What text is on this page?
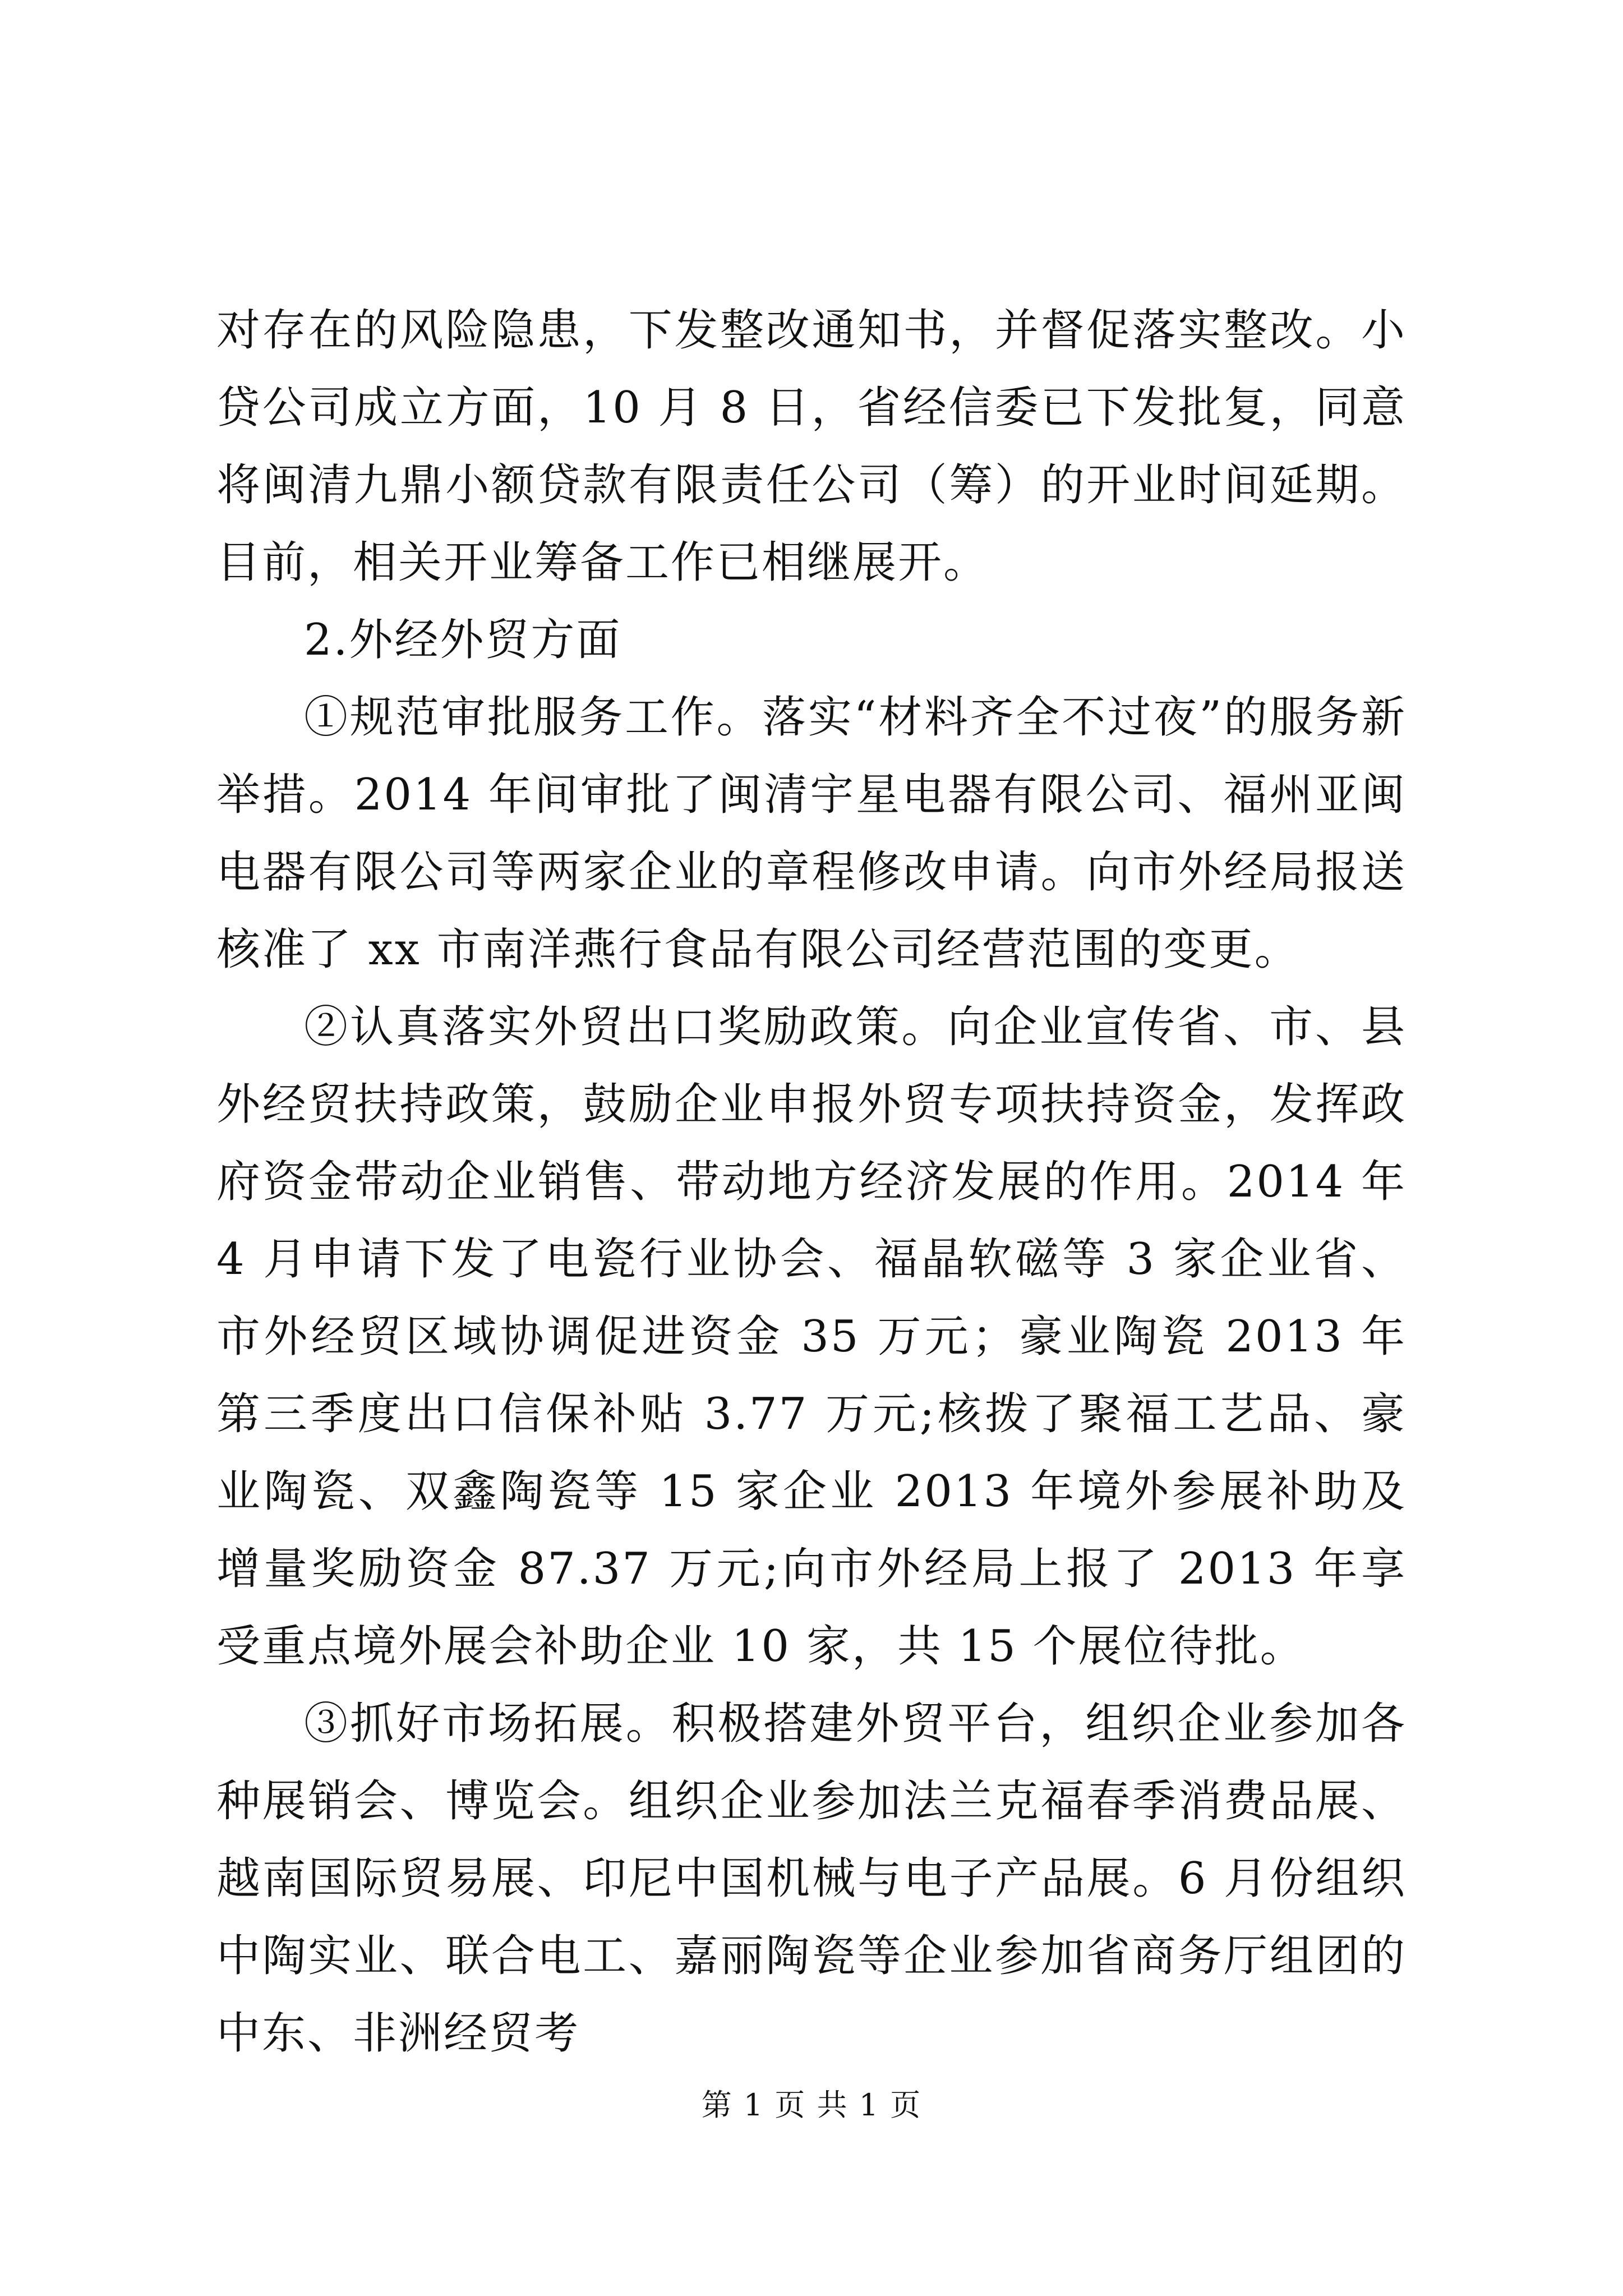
对存在的风险隐患，下发整改通知书，并督促落实整改。小贷公司成立方面，10 月 8 日，省经信委已下发批复，同意将闽清九鼎小额贷款有限责任公司（筹）的开业时间延期。目前，相关开业筹备工作已相继展开。

2.外经外贸方面

①规范审批服务工作。落实“材料齐全不过夜”的服务新举措。2014 年间审批了闽清宇星电器有限公司、福州亚闽电器有限公司等两家企业的章程修改申请。向市外经局报送核准了 xx 市南洋燕行食品有限公司经营范围的变更。

②认真落实外贸出口奖励政策。向企业宣传省、市、县外经贸扶持政策，鼓励企业申报外贸专项扶持资金，发挥政府资金带动企业销售、带动地方经济发展的作用。2014 年 4 月申请下发了电瓷行业协会、福晶软磁等 3 家企业省、市外经贸区域协调促进资金 35 万元；豪业陶瓷 2013 年第三季度出口信保补贴 3.77 万元;核拨了聚福工艺品、豪业陶瓷、双鑫陶瓷等 15 家企业 2013 年境外参展补助及增量奖励资金 87.37 万元;向市外经局上报了 2013 年享受重点境外展会补助企业 10 家，共 15 个展位待批。

③抓好市场拓展。积极搭建外贸平台，组织企业参加各种展销会、博览会。组织企业参加法兰克福春季消费品展、越南国际贸易展、印尼中国机械与电子产品展。6 月份组织中陶实业、联合电工、嘉丽陶瓷等企业参加省商务厅组团的中东、非洲经贸考

第 1 页 共 1 页
